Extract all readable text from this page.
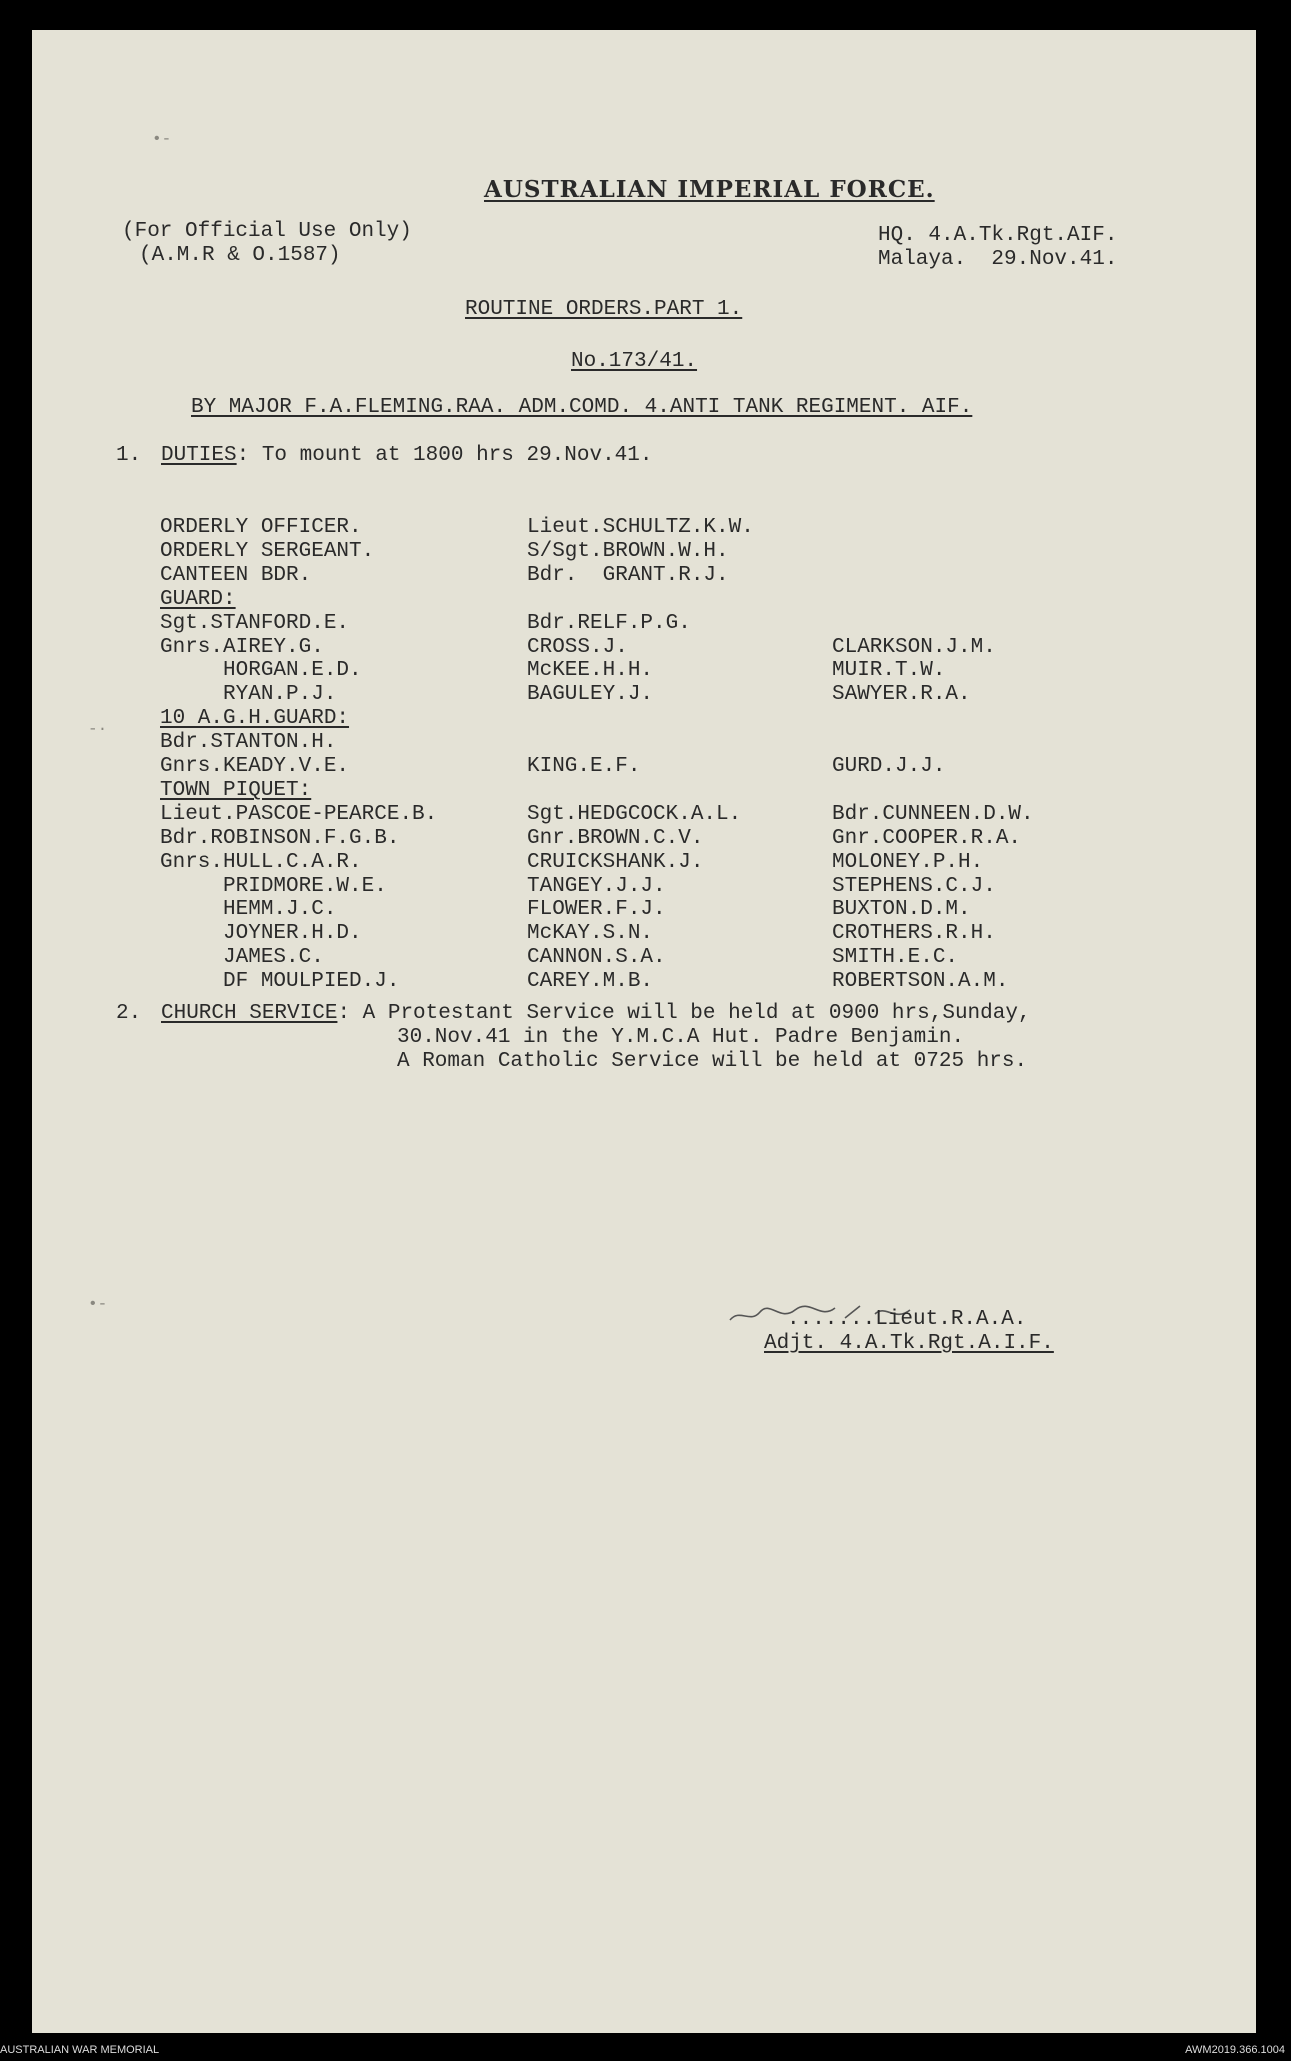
AUSTRALIAN IMPERIAL FORCE.
(For Official Use Only)
(A.M.R & O.1587)
HQ. 4.A.Tk.Rgt.AIF.
Malaya.  29.Nov.41.
ROUTINE ORDERS.PART 1.
No.173/41.
BY MAJOR F.A.FLEMING.RAA. ADM.COMD. 4.ANTI TANK REGIMENT. AIF.
1. DUTIES: To mount at 1800 hrs 29.Nov.41.
ORDERLY OFFICER.	Lieut.SCHULTZ.K.W.
ORDERLY SERGEANT.	S/Sgt.BROWN.W.H.
CANTEEN BDR.	Bdr.  GRANT.R.J.
GUARD:
Sgt.STANFORD.E.	Bdr.RELF.P.G.
Gnrs.AIREY.G.	CROSS.J.	CLARKSON.J.M.
HORGAN.E.D.	McKEE.H.H.	MUIR.T.W.
RYAN.P.J.	BAGULEY.J.	SAWYER.R.A.
10 A.G.H.GUARD:
Bdr.STANTON.H.
Gnrs.KEADY.V.E.	KING.E.F.	GURD.J.J.
TOWN PIQUET:
Lieut.PASCOE-PEARCE.B.	Sgt.HEDGCOCK.A.L.	Bdr.CUNNEEN.D.W.
Bdr.ROBINSON.F.G.B.	Gnr.BROWN.C.V.	Gnr.COOPER.R.A.
Gnrs.HULL.C.A.R.	CRUICKSHANK.J.	MOLONEY.P.H.
PRIDMORE.W.E.	TANGEY.J.J.	STEPHENS.C.J.
HEMM.J.C.	FLOWER.F.J.	BUXTON.D.M.
JOYNER.H.D.	McKAY.S.N.	CROTHERS.R.H.
JAMES.C.	CANNON.S.A.	SMITH.E.C.
DF MOULPIED.J.	CAREY.M.B.	ROBERTSON.A.M.
2. CHURCH SERVICE: A Protestant Service will be held at 0900 hrs,Sunday,
30.Nov.41 in the Y.M.C.A Hut. Padre Benjamin.
A Roman Catholic Service will be held at 0725 hrs.
.......Lieut.R.A.A.
Adjt. 4.A.Tk.Rgt.A.I.F.
•-
-·
•-
AUSTRALIAN WAR MEMORIAL	AWM2019.366.1004
